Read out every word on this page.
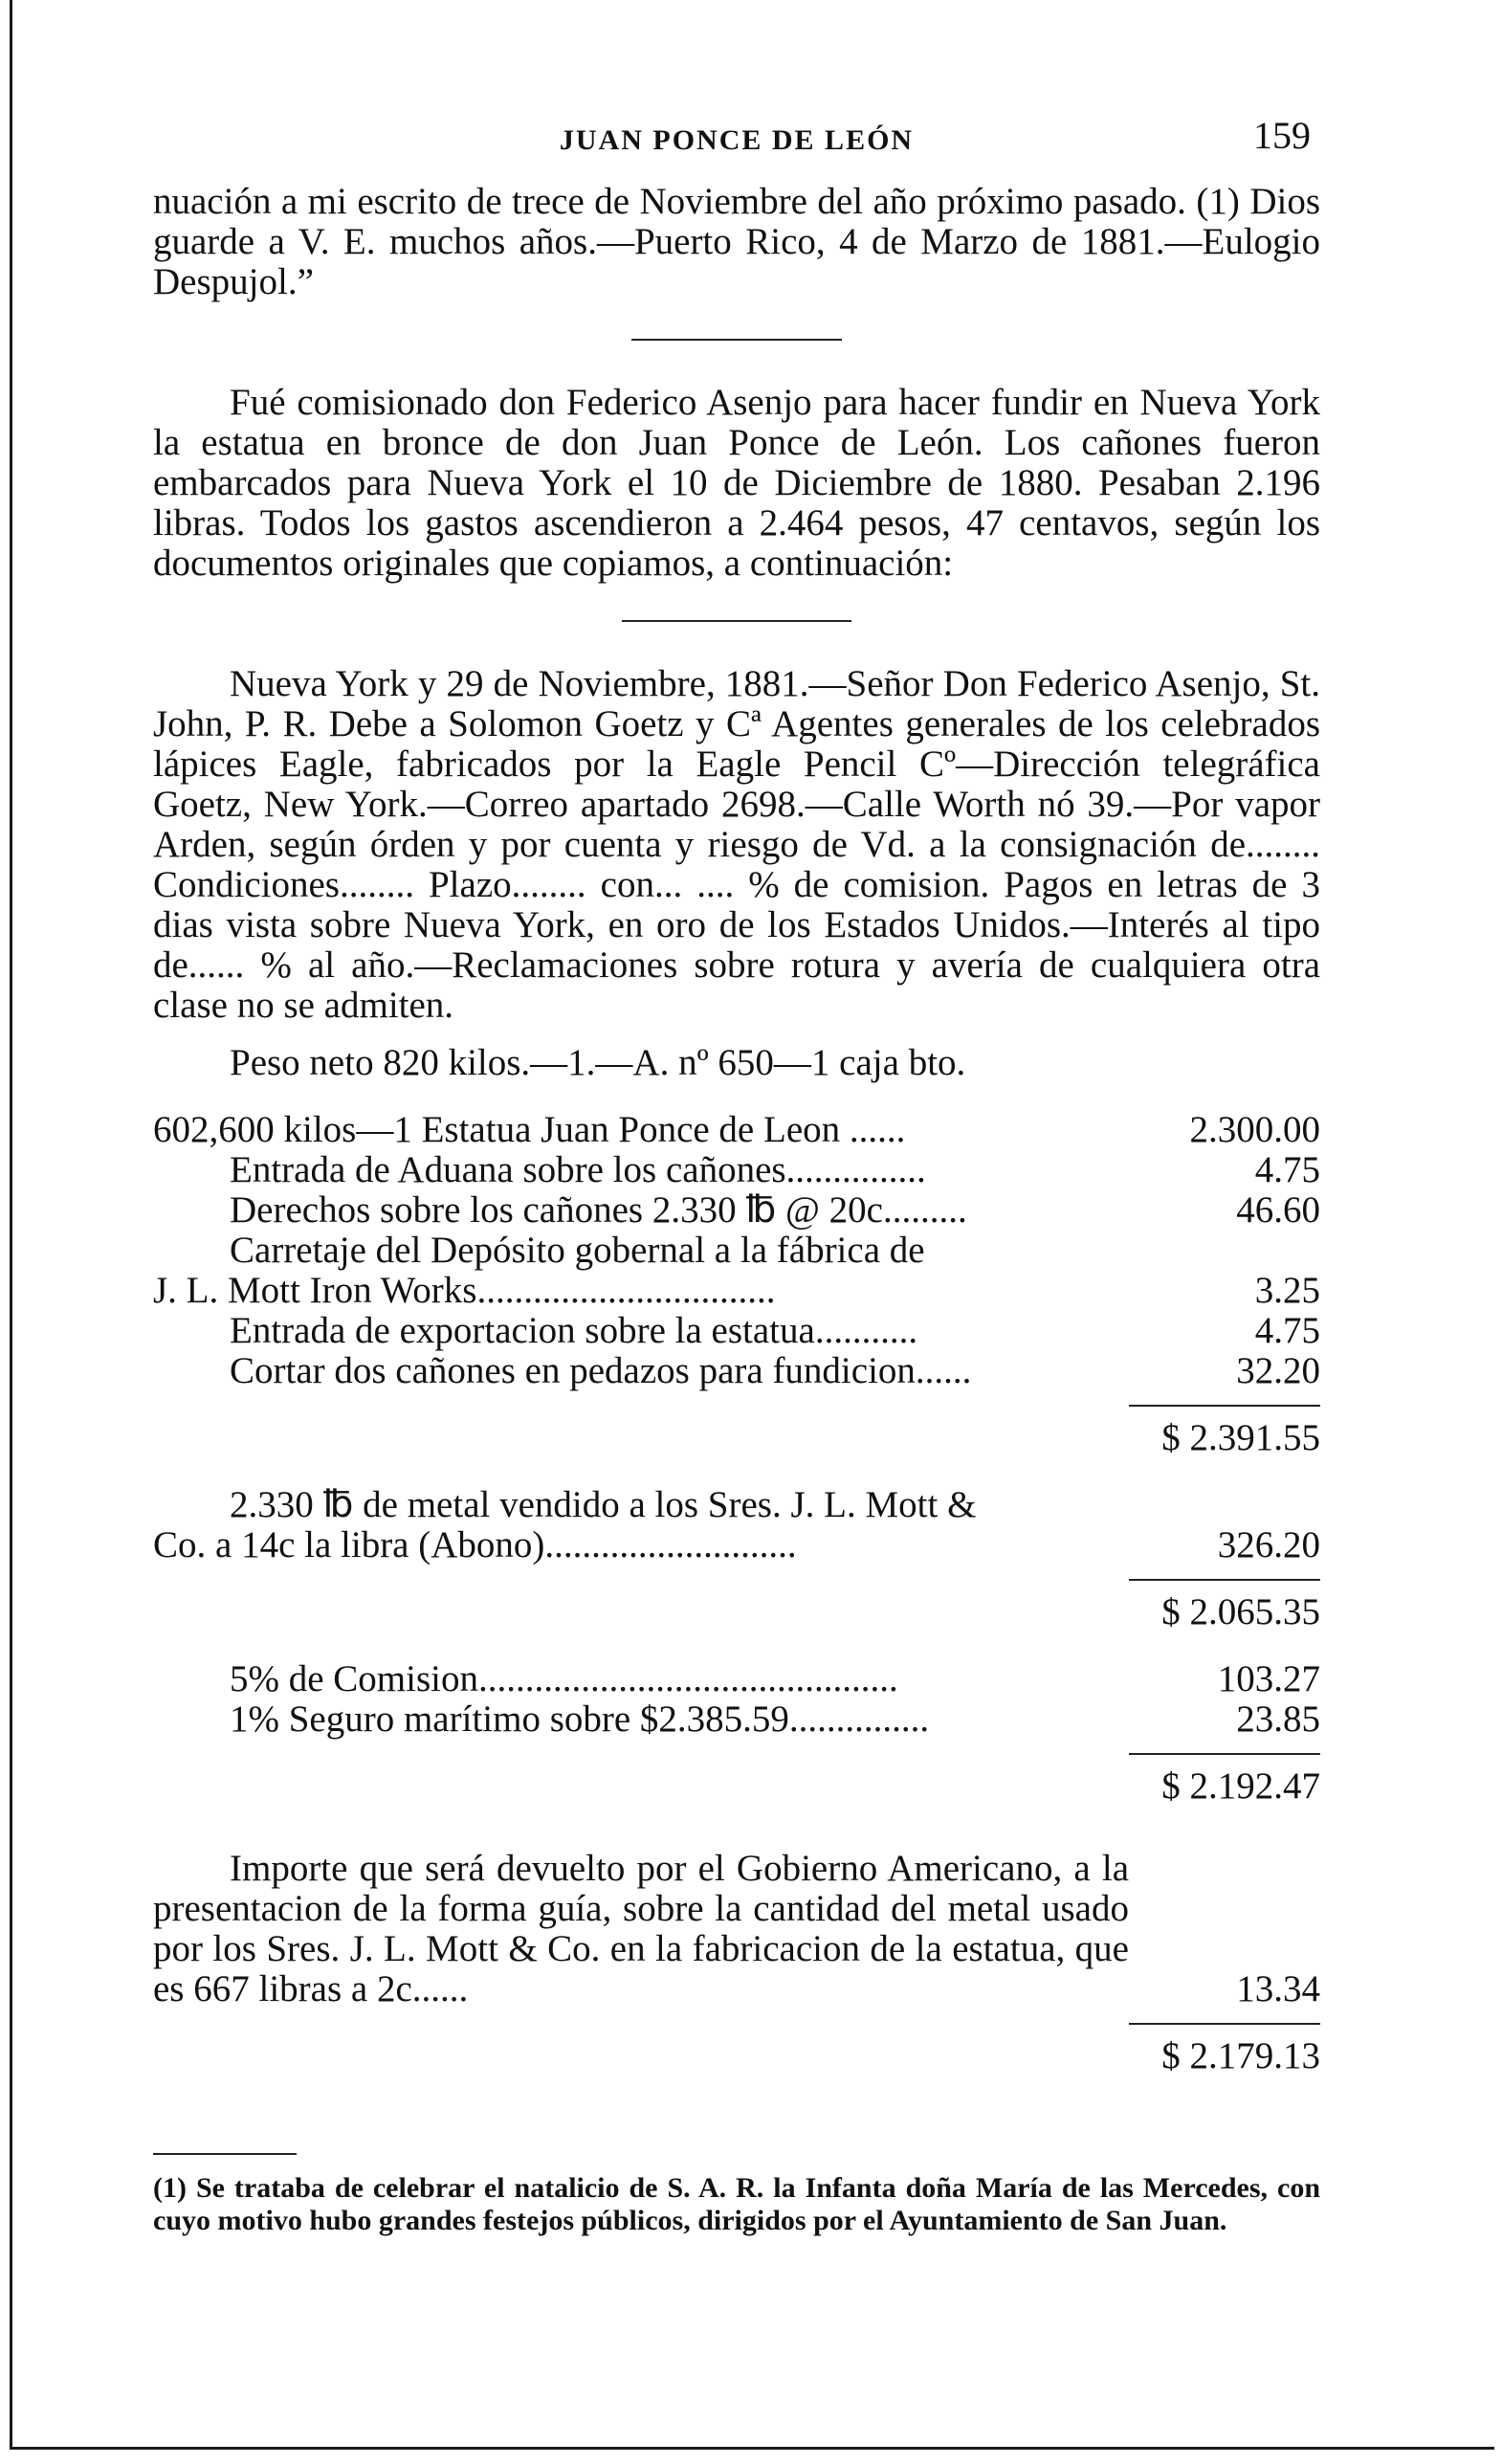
JUAN PONCE DE LEÓN	159

nuación a mi escrito de trece de Noviembre del año próximo pasado. (1) Dios guarde a V. E. muchos años.—Puerto Rico, 4 de Marzo de 1881.—Eulogio Despujol.”

Fué comisionado don Federico Asenjo para hacer fundir en Nueva York la estatua en bronce de don Juan Ponce de León. Los cañones fueron embarcados para Nueva York el 10 de Diciembre de 1880. Pesaban 2.196 libras. Todos los gastos ascendieron a 2.464 pesos, 47 centavos, según los documentos originales que copiamos, a continuación:

Nueva York y 29 de Noviembre, 1881.—Señor Don Federico Asenjo, St. John, P. R. Debe a Solomon Goetz y Cª Agentes generales de los celebrados lápices Eagle, fabricados por la Eagle Pencil Cº—Dirección telegráfica Goetz, New York.—Correo apartado 2698.—Calle Worth nó 39.—Por vapor Arden, según órden y por cuenta y riesgo de Vd. a la consignación de........ Condiciones........ Plazo........ con... .... % de comision. Pagos en letras de 3 dias vista sobre Nueva York, en oro de los Estados Unidos.—Interés al tipo de...... % al año.—Reclamaciones sobre rotura y avería de cualquiera otra clase no se admiten.

Peso neto 820 kilos.—1.—A. nº 650—1 caja bto.
602,600 kilos—1 Estatua Juan Ponce de Leon ......	2.300.00
Entrada de Aduana sobre los cañones...............	4.75
Derechos sobre los cañones 2.330 ℔ @ 20c.........	46.60
Carretaje del Depósito gobernal a la fábrica de
J. L. Mott Iron Works................................	3.25
Entrada de exportacion sobre la estatua...........	4.75
Cortar dos cañones en pedazos para fundicion......	32.20
$ 2.391.55
2.330 ℔ de metal vendido a los Sres. J. L. Mott &
Co. a 14c la libra (Abono)...........................	326.20
$ 2.065.35
5% de Comision.............................................	103.27
1% Seguro marítimo sobre $2.385.59...............	23.85
$ 2.192.47

Importe que será devuelto por el Gobierno Americano, a la presentacion de la forma guía, sobre la cantidad del metal usado por los Sres. J. L. Mott & Co. en la fabricacion de la estatua, que es 667 libras a 2c......	13.34
$ 2.179.13

(1) Se trataba de celebrar el natalicio de S. A. R. la Infanta doña María de las Mercedes, con cuyo motivo hubo grandes festejos públicos, dirigidos por el Ayuntamiento de San Juan.
